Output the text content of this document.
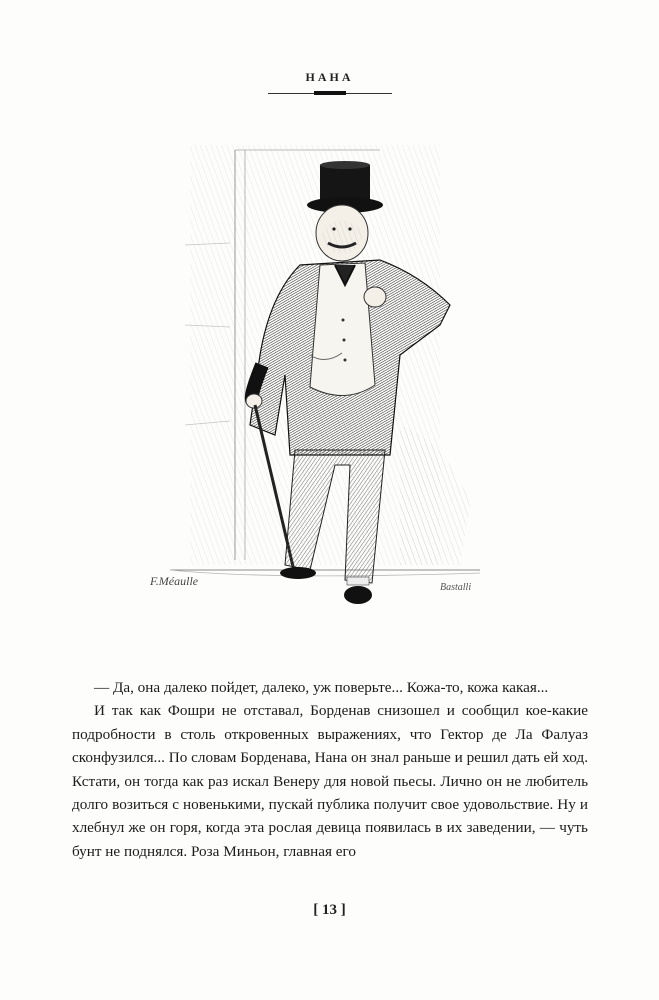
НАНА
F.Méaulle	Bastalli

— Да, она далеко пойдет, далеко, уж поверьте... Кожа-то, кожа какая...

И так как Фошри не отставал, Борденав снизошел и сообщил кое-какие подробности в столь откровенных выражениях, что Гектор де Ла Фалуаз сконфузился... По словам Борденава, Нана он знал раньше и решил дать ей ход. Кстати, он тогда как раз искал Венеру для новой пьесы. Лично он не любитель долго возиться с новенькими, пускай публика получит свое удовольствие. Ну и хлебнул же он горя, когда эта рослая девица появилась в их заведении, — чуть бунт не поднялся. Роза Миньон, главная его

[ 13 ]
